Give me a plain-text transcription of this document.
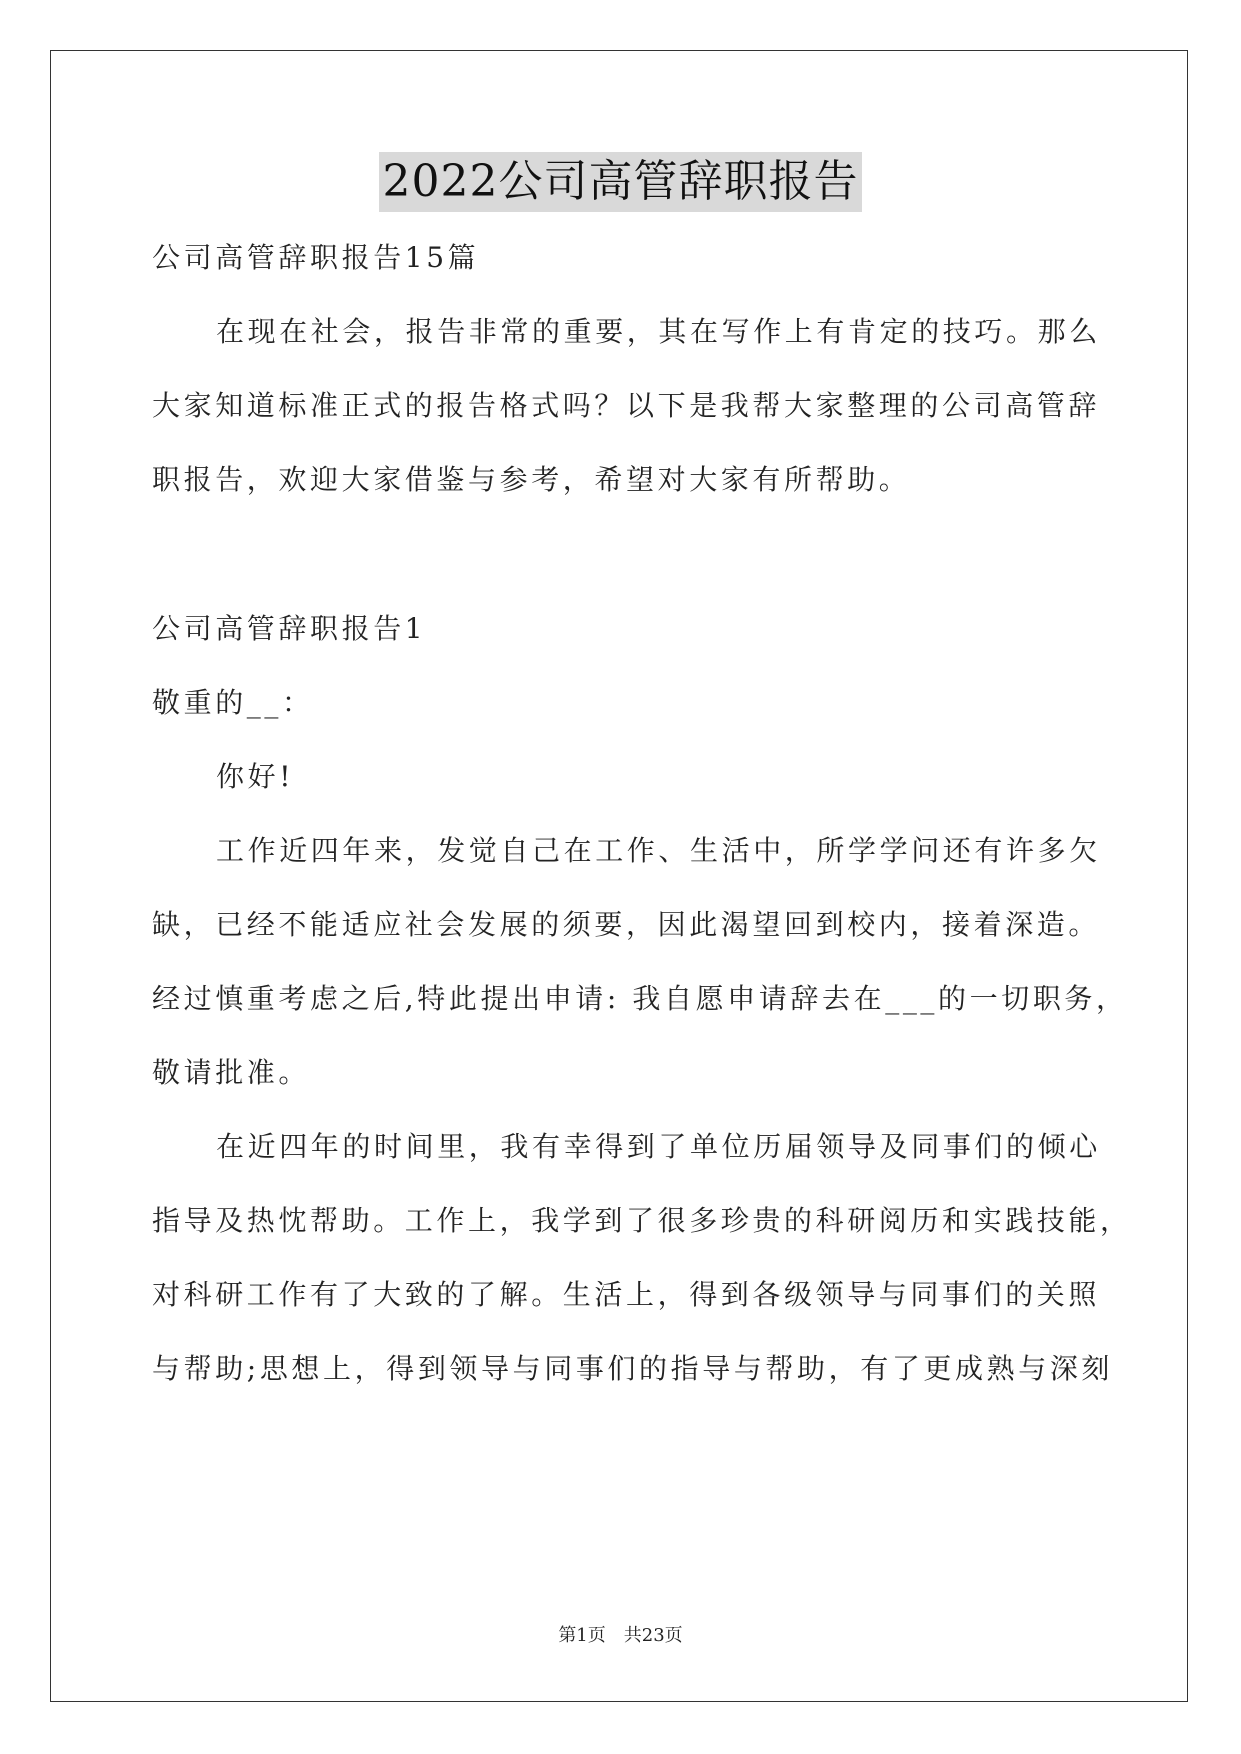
2022公司高管辞职报告
公司高管辞职报告15篇
在现在社会，报告非常的重要，其在写作上有肯定的技巧。那么
大家知道标准正式的报告格式吗？以下是我帮大家整理的公司高管辞
职报告，欢迎大家借鉴与参考，希望对大家有所帮助。
公司高管辞职报告1
敬重的__：
你好!
工作近四年来，发觉自己在工作、生活中，所学学问还有许多欠
缺，已经不能适应社会发展的须要，因此渴望回到校内，接着深造。
经过慎重考虑之后,特此提出申请: 我自愿申请辞去在___的一切职务，
敬请批准。
在近四年的时间里，我有幸得到了单位历届领导及同事们的倾心
指导及热忱帮助。工作上，我学到了很多珍贵的科研阅历和实践技能，
对科研工作有了大致的了解。生活上，得到各级领导与同事们的关照
与帮助;思想上，得到领导与同事们的指导与帮助，有了更成熟与深刻
第1页　共23页
